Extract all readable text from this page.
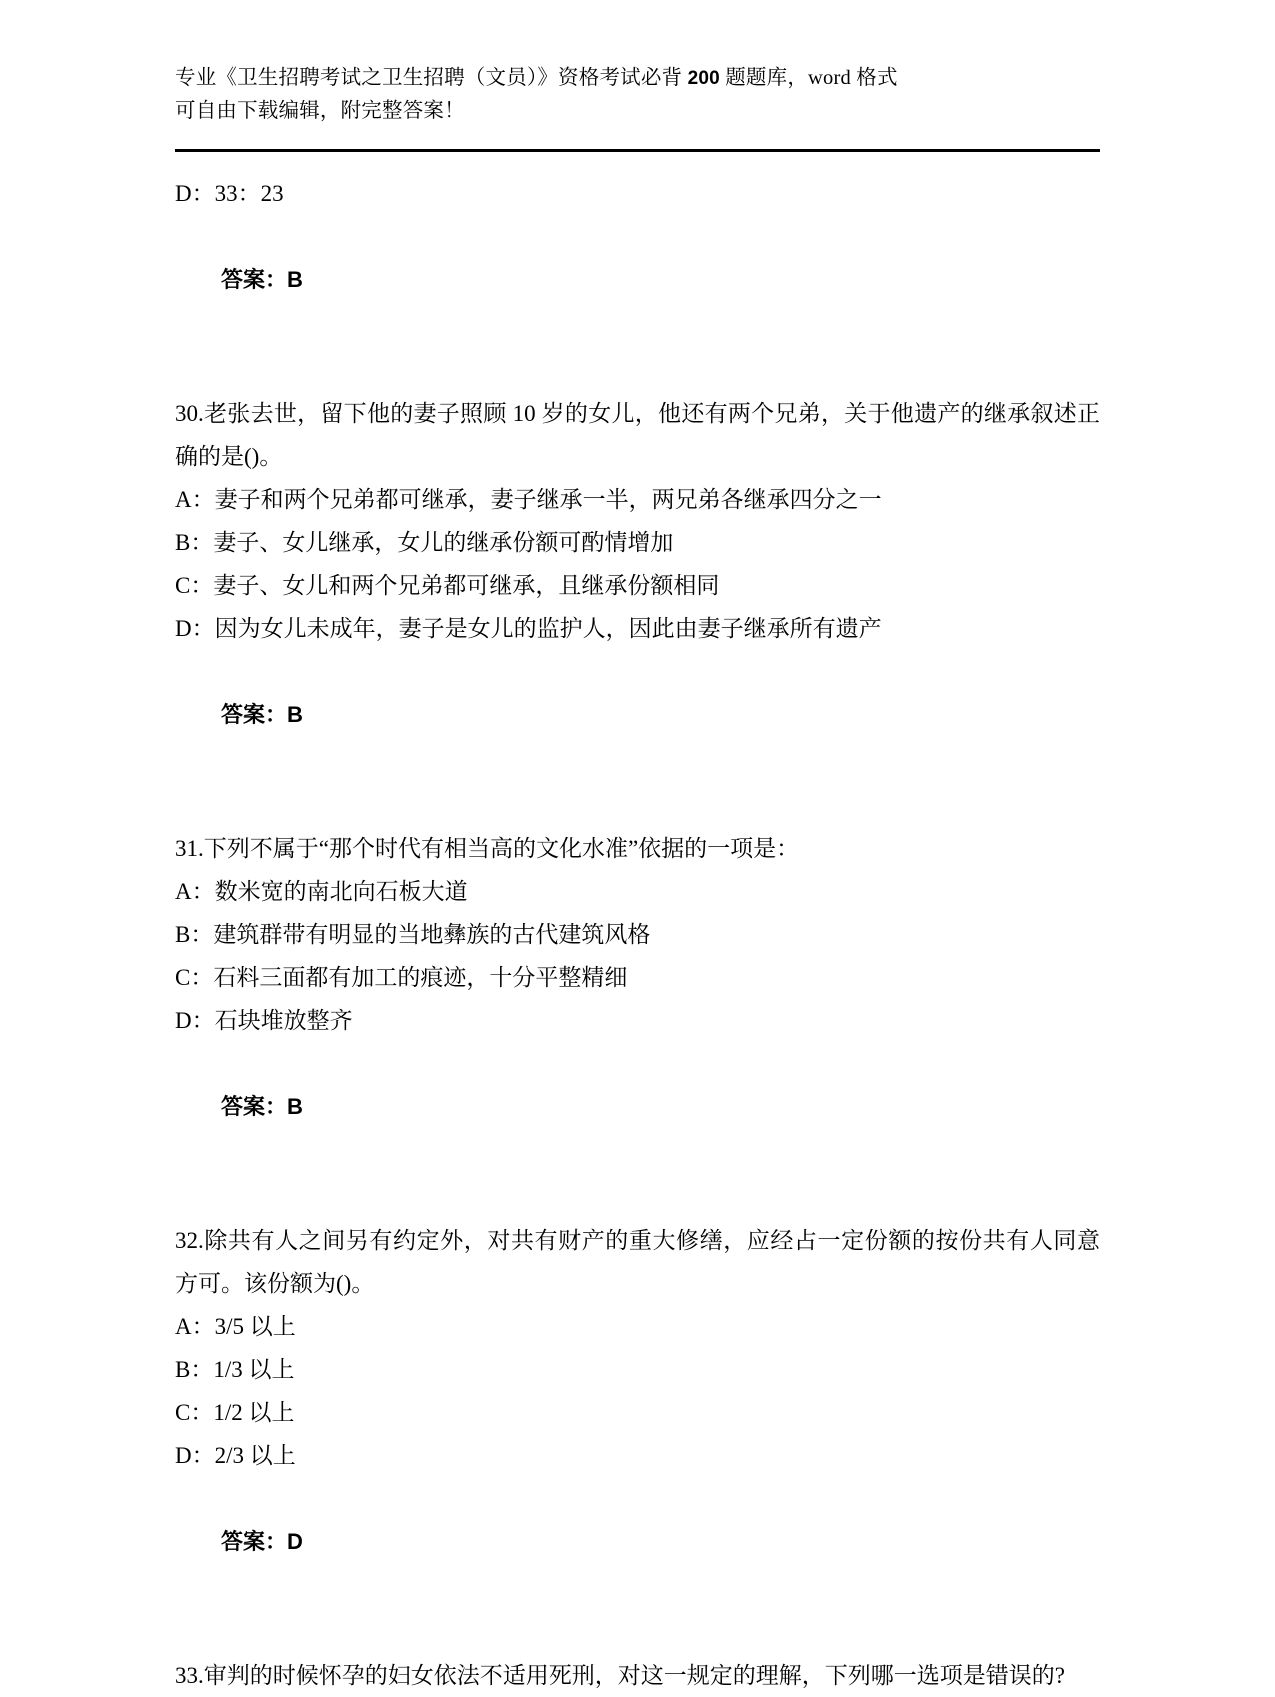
专业《卫生招聘考试之卫生招聘（文员）》资格考试必背 200 题题库，word 格式
可自由下载编辑，附完整答案！
D：33：23

答案：B

30.老张去世，留下他的妻子照顾 10 岁的女儿，他还有两个兄弟，关于他遗产的继承叙述正确的是()。
A：妻子和两个兄弟都可继承，妻子继承一半，两兄弟各继承四分之一
B：妻子、女儿继承，女儿的继承份额可酌情增加
C：妻子、女儿和两个兄弟都可继承，且继承份额相同
D：因为女儿未成年，妻子是女儿的监护人，因此由妻子继承所有遗产

答案：B

31.下列不属于“那个时代有相当高的文化水准”依据的一项是：
A：数米宽的南北向石板大道
B：建筑群带有明显的当地彝族的古代建筑风格
C：石料三面都有加工的痕迹，十分平整精细
D：石块堆放整齐

答案：B

32.除共有人之间另有约定外，对共有财产的重大修缮，应经占一定份额的按份共有人同意方可。该份额为()。
A：3/5 以上
B：1/3 以上
C：1/2 以上
D：2/3 以上

答案：D

33.审判的时候怀孕的妇女依法不适用死刑，对这一规定的理解，下列哪一选项是错误的?
